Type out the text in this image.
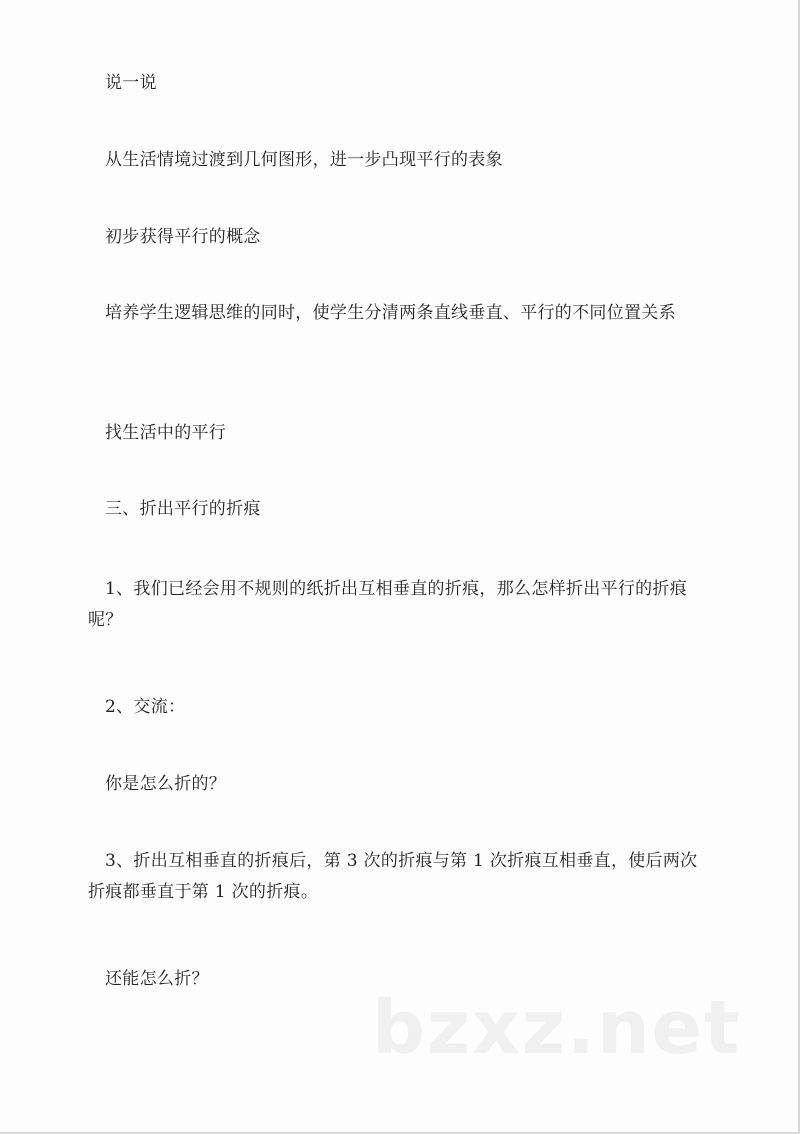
说一说

从生活情境过渡到几何图形，进一步凸现平行的表象

初步获得平行的概念

培养学生逻辑思维的同时，使学生分清两条直线垂直、平行的不同位置关系

找生活中的平行

三、折出平行的折痕

1、我们已经会用不规则的纸折出互相垂直的折痕，那么怎样折出平行的折痕呢？

2、交流：

你是怎么折的？

3、折出互相垂直的折痕后，第 3 次的折痕与第 1 次折痕互相垂直，使后两次折痕都垂直于第 1 次的折痕。

还能怎么折？

bzxz.net
